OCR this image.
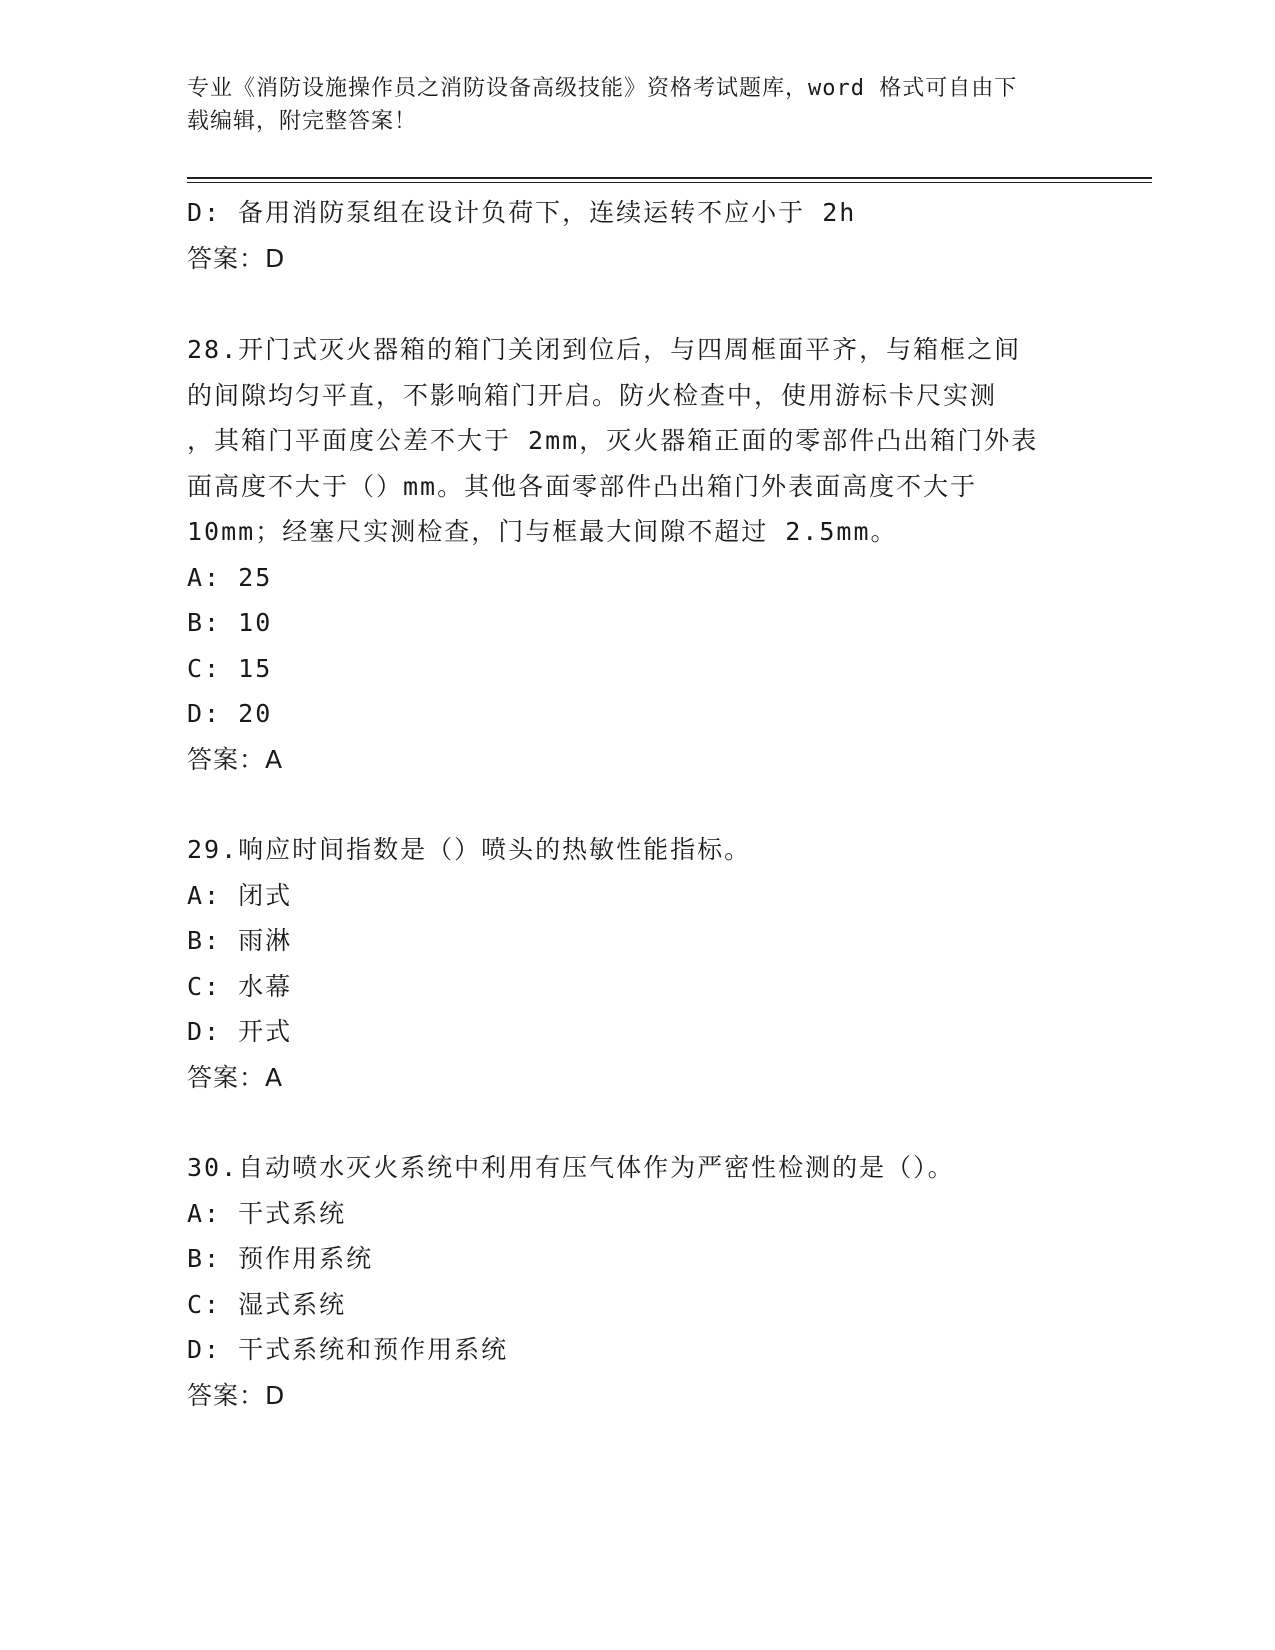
专业《消防设施操作员之消防设备高级技能》资格考试题库，word 格式可自由下
载编辑，附完整答案！
D: 备用消防泵组在设计负荷下，连续运转不应小于 2h
答案：D
28.开门式灭火器箱的箱门关闭到位后，与四周框面平齐，与箱框之间
的间隙均匀平直，不影响箱门开启。防火检查中，使用游标卡尺实测
，其箱门平面度公差不大于 2mm，灭火器箱正面的零部件凸出箱门外表
面高度不大于（）mm。其他各面零部件凸出箱门外表面高度不大于
10mm；经塞尺实测检查，门与框最大间隙不超过 2.5mm。
A: 25
B: 10
C: 15
D: 20
答案：A
29.响应时间指数是（）喷头的热敏性能指标。
A: 闭式
B: 雨淋
C: 水幕
D: 开式
答案：A
30.自动喷水灭火系统中利用有压气体作为严密性检测的是（）。
A: 干式系统
B: 预作用系统
C: 湿式系统
D: 干式系统和预作用系统
答案：D
